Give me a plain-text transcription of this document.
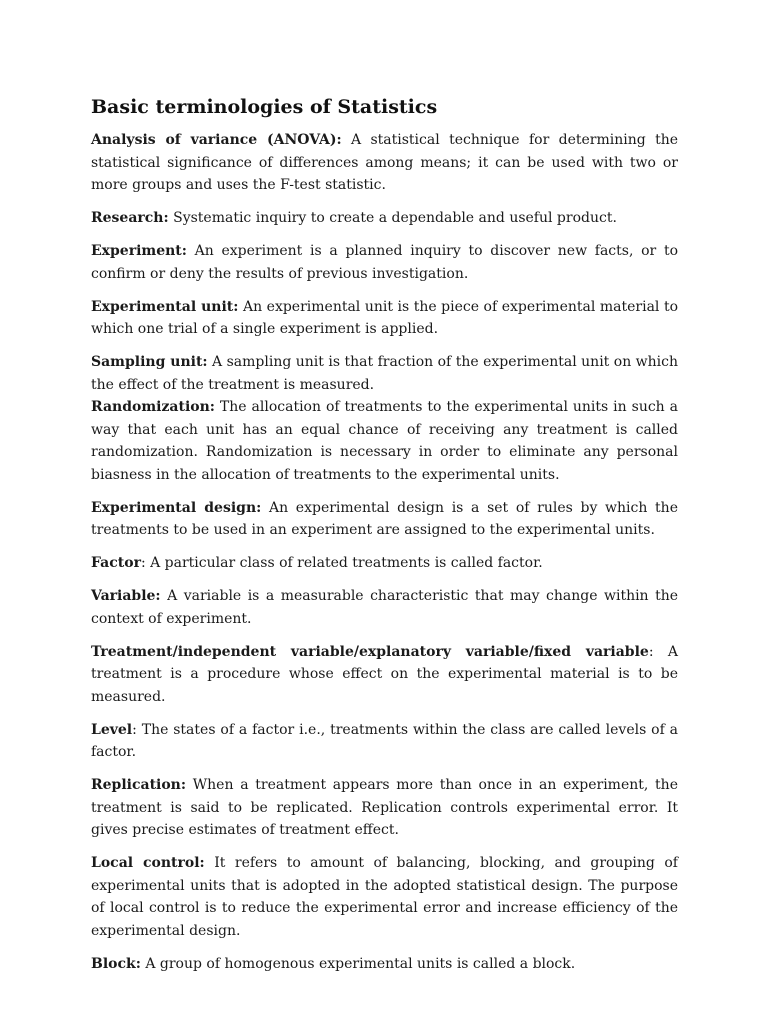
Basic terminologies of Statistics

Analysis of variance (ANOVA): A statistical technique for determining the statistical significance of differences among means; it can be used with two or more groups and uses the F-test statistic.

Research: Systematic inquiry to create a dependable and useful product.

Experiment: An experiment is a planned inquiry to discover new facts, or to confirm or deny the results of previous investigation.

Experimental unit: An experimental unit is the piece of experimental material to which one trial of a single experiment is applied.

Sampling unit: A sampling unit is that fraction of the experimental unit on which the effect of the treatment is measured.

Randomization: The allocation of treatments to the experimental units in such a way that each unit has an equal chance of receiving any treatment is called randomization. Randomization is necessary in order to eliminate any personal biasness in the allocation of treatments to the experimental units.

Experimental design: An experimental design is a set of rules by which the treatments to be used in an experiment are assigned to the experimental units.

Factor: A particular class of related treatments is called factor.

Variable: A variable is a measurable characteristic that may change within the context of experiment.

Treatment/independent variable/explanatory variable/fixed variable: A treatment is a procedure whose effect on the experimental material is to be measured.

Level: The states of a factor i.e., treatments within the class are called levels of a factor.

Replication: When a treatment appears more than once in an experiment, the treatment is said to be replicated. Replication controls experimental error. It gives precise estimates of treatment effect.

Local control: It refers to amount of balancing, blocking, and grouping of experimental units that is adopted in the adopted statistical design. The purpose of local control is to reduce the experimental error and increase efficiency of the experimental design.

Block: A group of homogenous experimental units is called a block.
